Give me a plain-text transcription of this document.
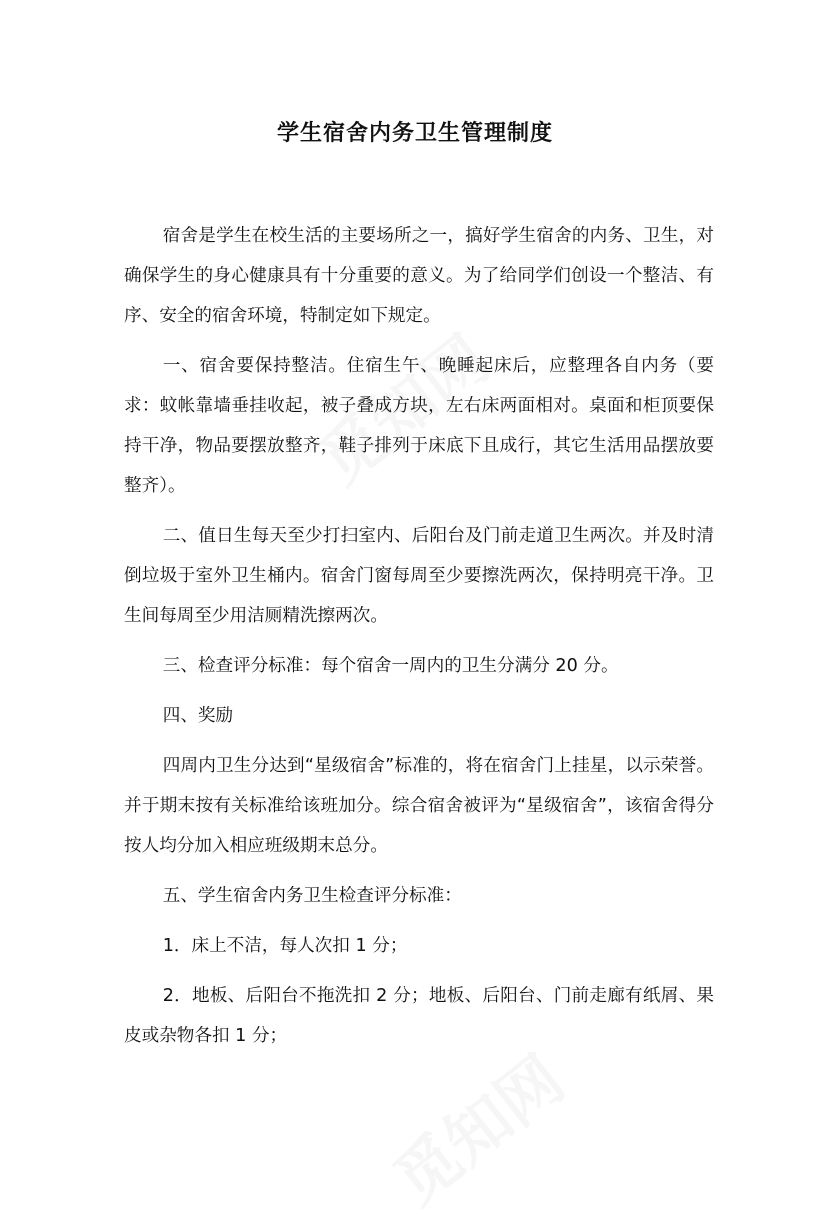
学生宿舍内务卫生管理制度

宿舍是学生在校生活的主要场所之一，搞好学生宿舍的内务、卫生，对确保学生的身心健康具有十分重要的意义。为了给同学们创设一个整洁、有序、安全的宿舍环境，特制定如下规定。

一、宿舍要保持整洁。住宿生午、晚睡起床后，应整理各自内务（要求：蚊帐靠墙垂挂收起，被子叠成方块，左右床两面相对。桌面和柜顶要保持干净，物品要摆放整齐，鞋子排列于床底下且成行，其它生活用品摆放要整齐）。

二、值日生每天至少打扫室内、后阳台及门前走道卫生两次。并及时清倒垃圾于室外卫生桶内。宿舍门窗每周至少要擦洗两次，保持明亮干净。卫生间每周至少用洁厕精洗擦两次。

三、检查评分标准：每个宿舍一周内的卫生分满分 20 分。

四、奖励

四周内卫生分达到“星级宿舍”标准的，将在宿舍门上挂星，以示荣誉。并于期末按有关标准给该班加分。综合宿舍被评为“星级宿舍”，该宿舍得分按人均分加入相应班级期末总分。

五、学生宿舍内务卫生检查评分标准：

1．床上不洁，每人次扣 1 分；

2．地板、后阳台不拖洗扣 2 分；地板、后阳台、门前走廊有纸屑、果皮或杂物各扣 1 分；
